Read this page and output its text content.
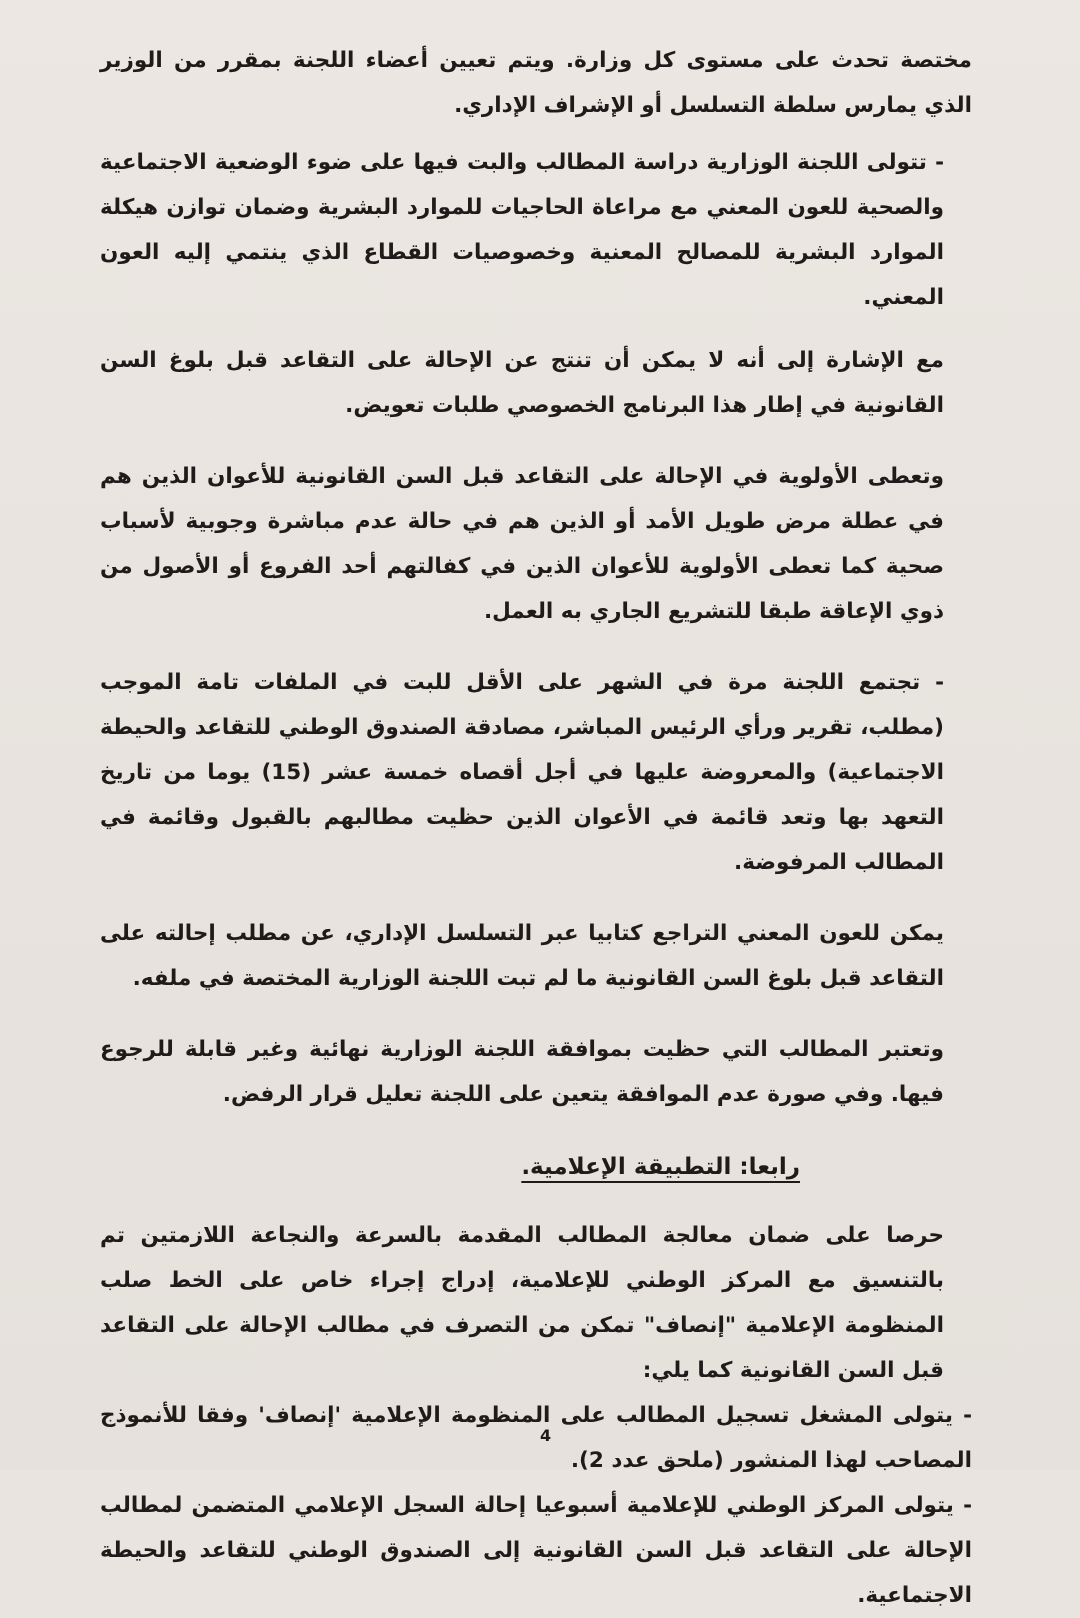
مختصة تحدث على مستوى كل وزارة. ويتم تعيين أعضاء اللجنة بمقرر من الوزير الذي يمارس سلطة التسلسل أو الإشراف الإداري.

- تتولى اللجنة الوزارية دراسة المطالب والبت فيها على ضوء الوضعية الاجتماعية والصحية للعون المعني مع مراعاة الحاجيات للموارد البشرية وضمان توازن هيكلة الموارد البشرية للمصالح المعنية وخصوصيات القطاع الذي ينتمي إليه العون المعني.

مع الإشارة إلى أنه لا يمكن أن تنتج عن الإحالة على التقاعد قبل بلوغ السن القانونية في إطار هذا البرنامج الخصوصي طلبات تعويض.

وتعطى الأولوية في الإحالة على التقاعد قبل السن القانونية للأعوان الذين هم في عطلة مرض طويل الأمد أو الذين هم في حالة عدم مباشرة وجوبية لأسباب صحية كما تعطى الأولوية للأعوان الذين في كفالتهم أحد الفروع أو الأصول من ذوي الإعاقة طبقا للتشريع الجاري به العمل.

- تجتمع اللجنة مرة في الشهر على الأقل للبت في الملفات تامة الموجب (مطلب، تقرير ورأي الرئيس المباشر، مصادقة الصندوق الوطني للتقاعد والحيطة الاجتماعية) والمعروضة عليها في أجل أقصاه خمسة عشر (15) يوما من تاريخ التعهد بها وتعد قائمة في الأعوان الذين حظيت مطالبهم بالقبول وقائمة في المطالب المرفوضة.

يمكن للعون المعني التراجع كتابيا عبر التسلسل الإداري، عن مطلب إحالته على التقاعد قبل بلوغ السن القانونية ما لم تبت اللجنة الوزارية المختصة في ملفه.

وتعتبر المطالب التي حظيت بموافقة اللجنة الوزارية نهائية وغير قابلة للرجوع فيها. وفي صورة عدم الموافقة يتعين على اللجنة تعليل قرار الرفض.

رابعا: التطبيقة الإعلامية.

حرصا على ضمان معالجة المطالب المقدمة بالسرعة والنجاعة اللازمتين تم بالتنسيق مع المركز الوطني للإعلامية، إدراج إجراء خاص على الخط صلب المنظومة الإعلامية "إنصاف" تمكن من التصرف في مطالب الإحالة على التقاعد قبل السن القانونية كما يلي:

- يتولى المشغل تسجيل المطالب على المنظومة الإعلامية 'إنصاف' وفقا للأنموذج المصاحب لهذا المنشور (ملحق عدد 2).

- يتولى المركز الوطني للإعلامية أسبوعيا إحالة السجل الإعلامي المتضمن لمطالب الإحالة على التقاعد قبل السن القانونية إلى الصندوق الوطني للتقاعد والحيطة الاجتماعية.

4
